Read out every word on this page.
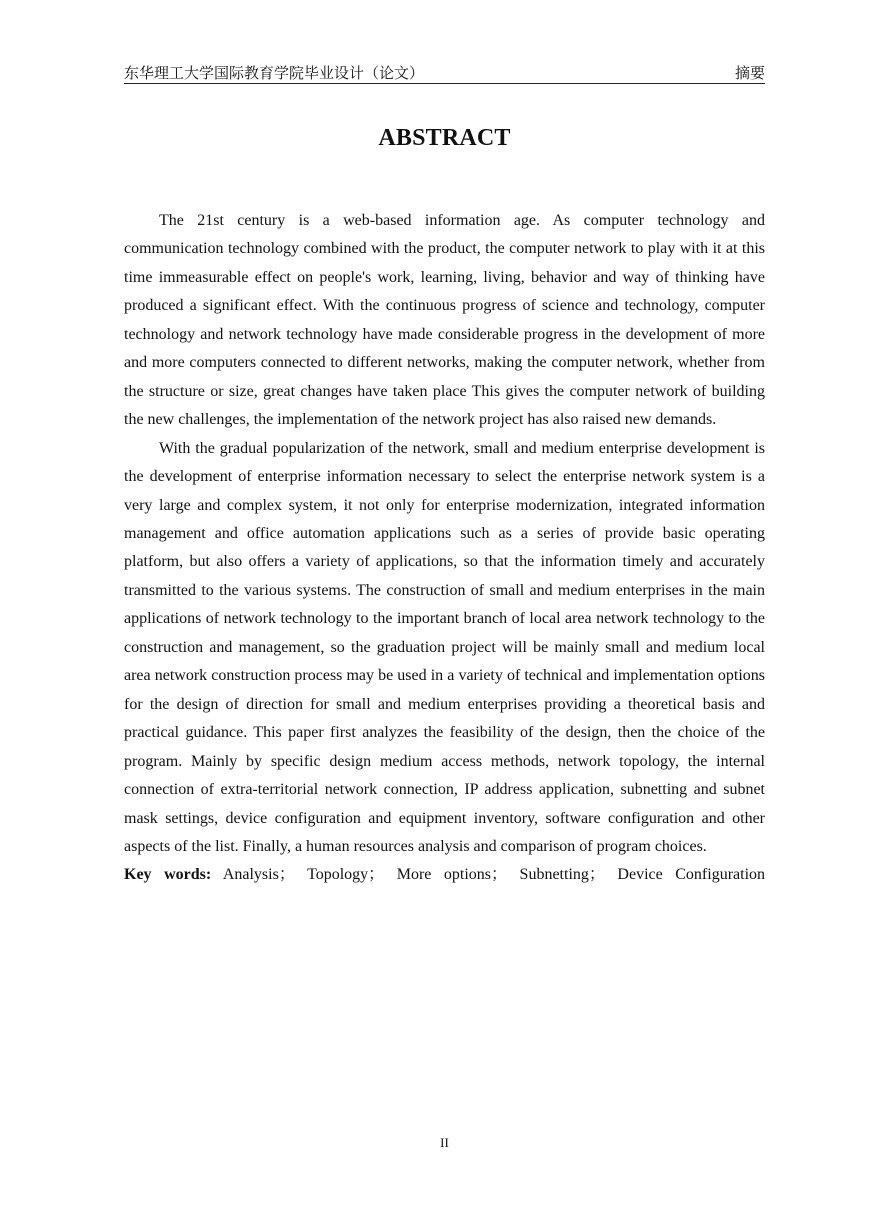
东华理工大学国际教育学院毕业设计（论文）	摘要
ABSTRACT

The 21st century is a web-based information age. As computer technology and communication technology combined with the product, the computer network to play with it at this time immeasurable effect on people's work, learning, living, behavior and way of thinking have produced a significant effect. With the continuous progress of science and technology, computer technology and network technology have made considerable progress in the development of more and more computers connected to different networks, making the computer network, whether from the structure or size, great changes have taken place This gives the computer network of building the new challenges, the implementation of the network project has also raised new demands.

With the gradual popularization of the network, small and medium enterprise development is the development of enterprise information necessary to select the enterprise network system is a very large and complex system, it not only for enterprise modernization, integrated information management and office automation applications such as a series of provide basic operating platform, but also offers a variety of applications, so that the information timely and accurately transmitted to the various systems. The construction of small and medium enterprises in the main applications of network technology to the important branch of local area network technology to the construction and management, so the graduation project will be mainly small and medium local area network construction process may be used in a variety of technical and implementation options for the design of direction for small and medium enterprises providing a theoretical basis and practical guidance. This paper first analyzes the feasibility of the design, then the choice of the program. Mainly by specific design medium access methods, network topology, the internal connection of extra-territorial network connection, IP address application, subnetting and subnet mask settings, device configuration and equipment inventory, software configuration and other aspects of the list. Finally, a human resources analysis and comparison of program choices.

Key words: Analysis； Topology； More options； Subnetting； Device Configuration

II
